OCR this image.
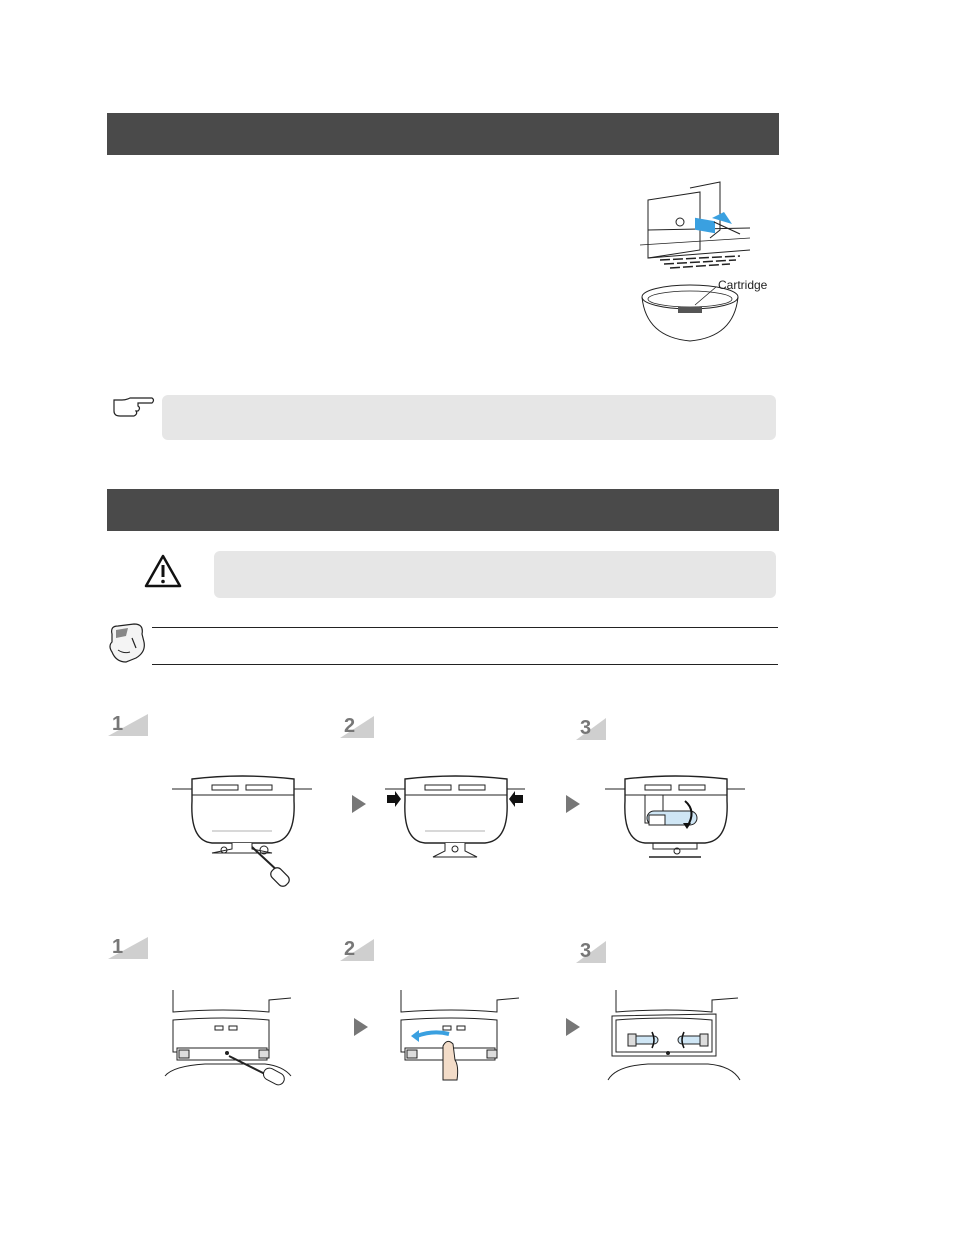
Cartridge
1	2	3
1	2	3
